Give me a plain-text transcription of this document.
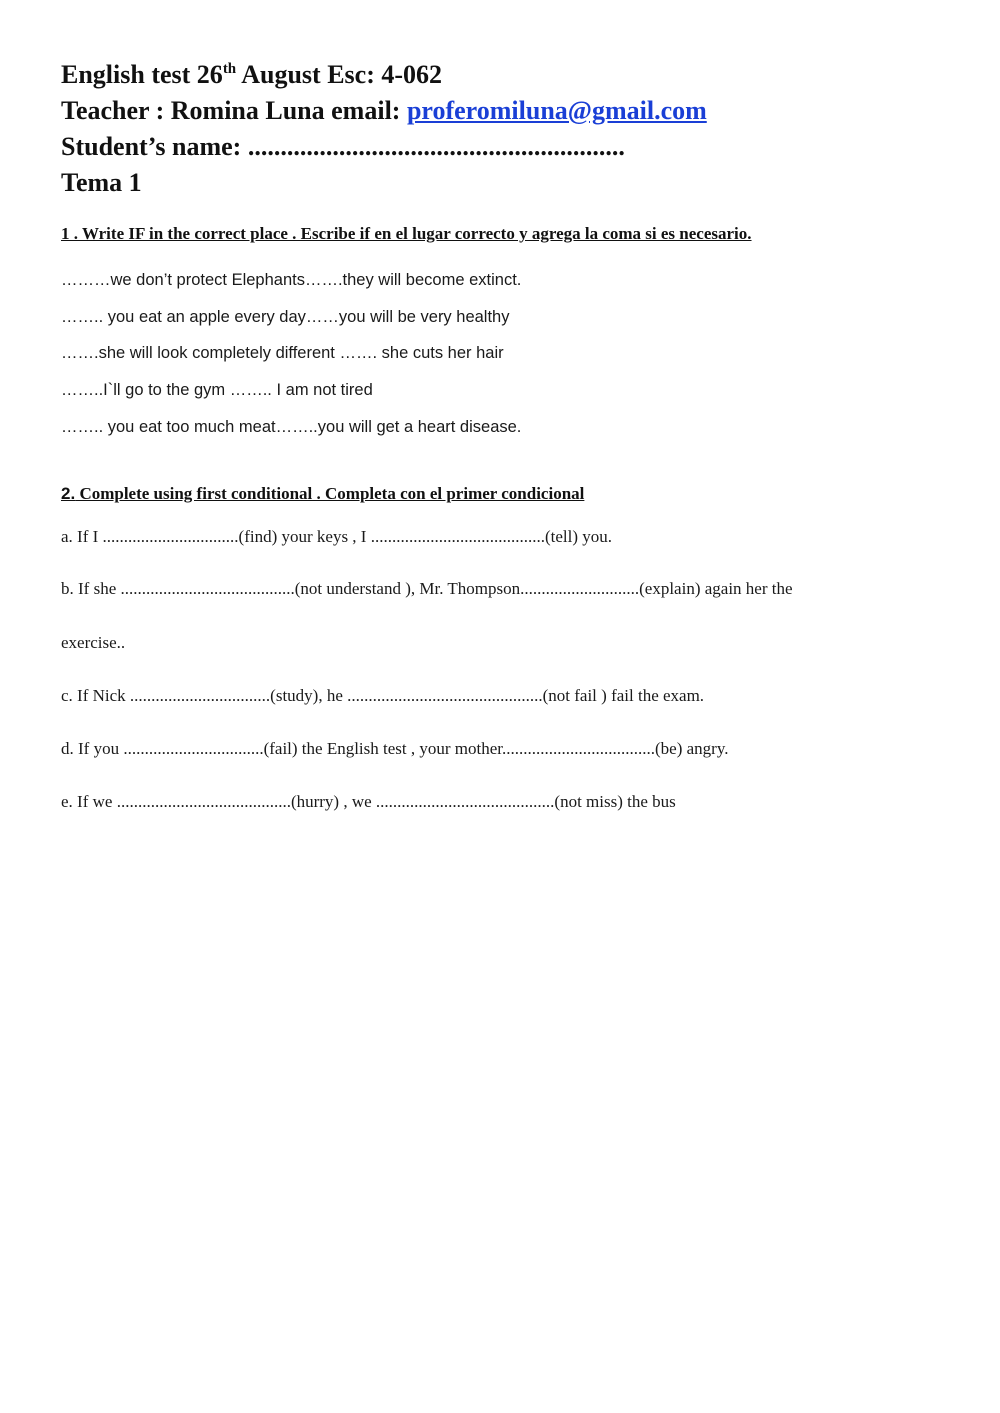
English test 26th August Esc: 4-062
Teacher : Romina Luna email: proferomiluna@gmail.com
Student’s name: ..........................................................
Tema 1
1 . Write IF in the correct place . Escribe if en el lugar correcto y agrega la coma si es necesario.
………we don’t protect Elephants…….they will become extinct.
…….. you eat an apple every day……you will be very healthy
…….she will look completely different ……. she cuts her hair
……..I`ll go to the gym …….. I am not tired
…….. you eat too much meat……..you will get a heart disease.
2. Complete using first conditional . Completa con el primer condicional
a. If I ................................(find) your keys , I .........................................(tell) you.
b. If she .........................................(not understand ), Mr. Thompson............................(explain) again her the
exercise..
c. If Nick .................................(study), he ..............................................(not fail ) fail the exam.
d. If you .................................(fail) the English test , your mother....................................(be) angry.
e. If we .........................................(hurry) , we ..........................................(not miss) the bus
